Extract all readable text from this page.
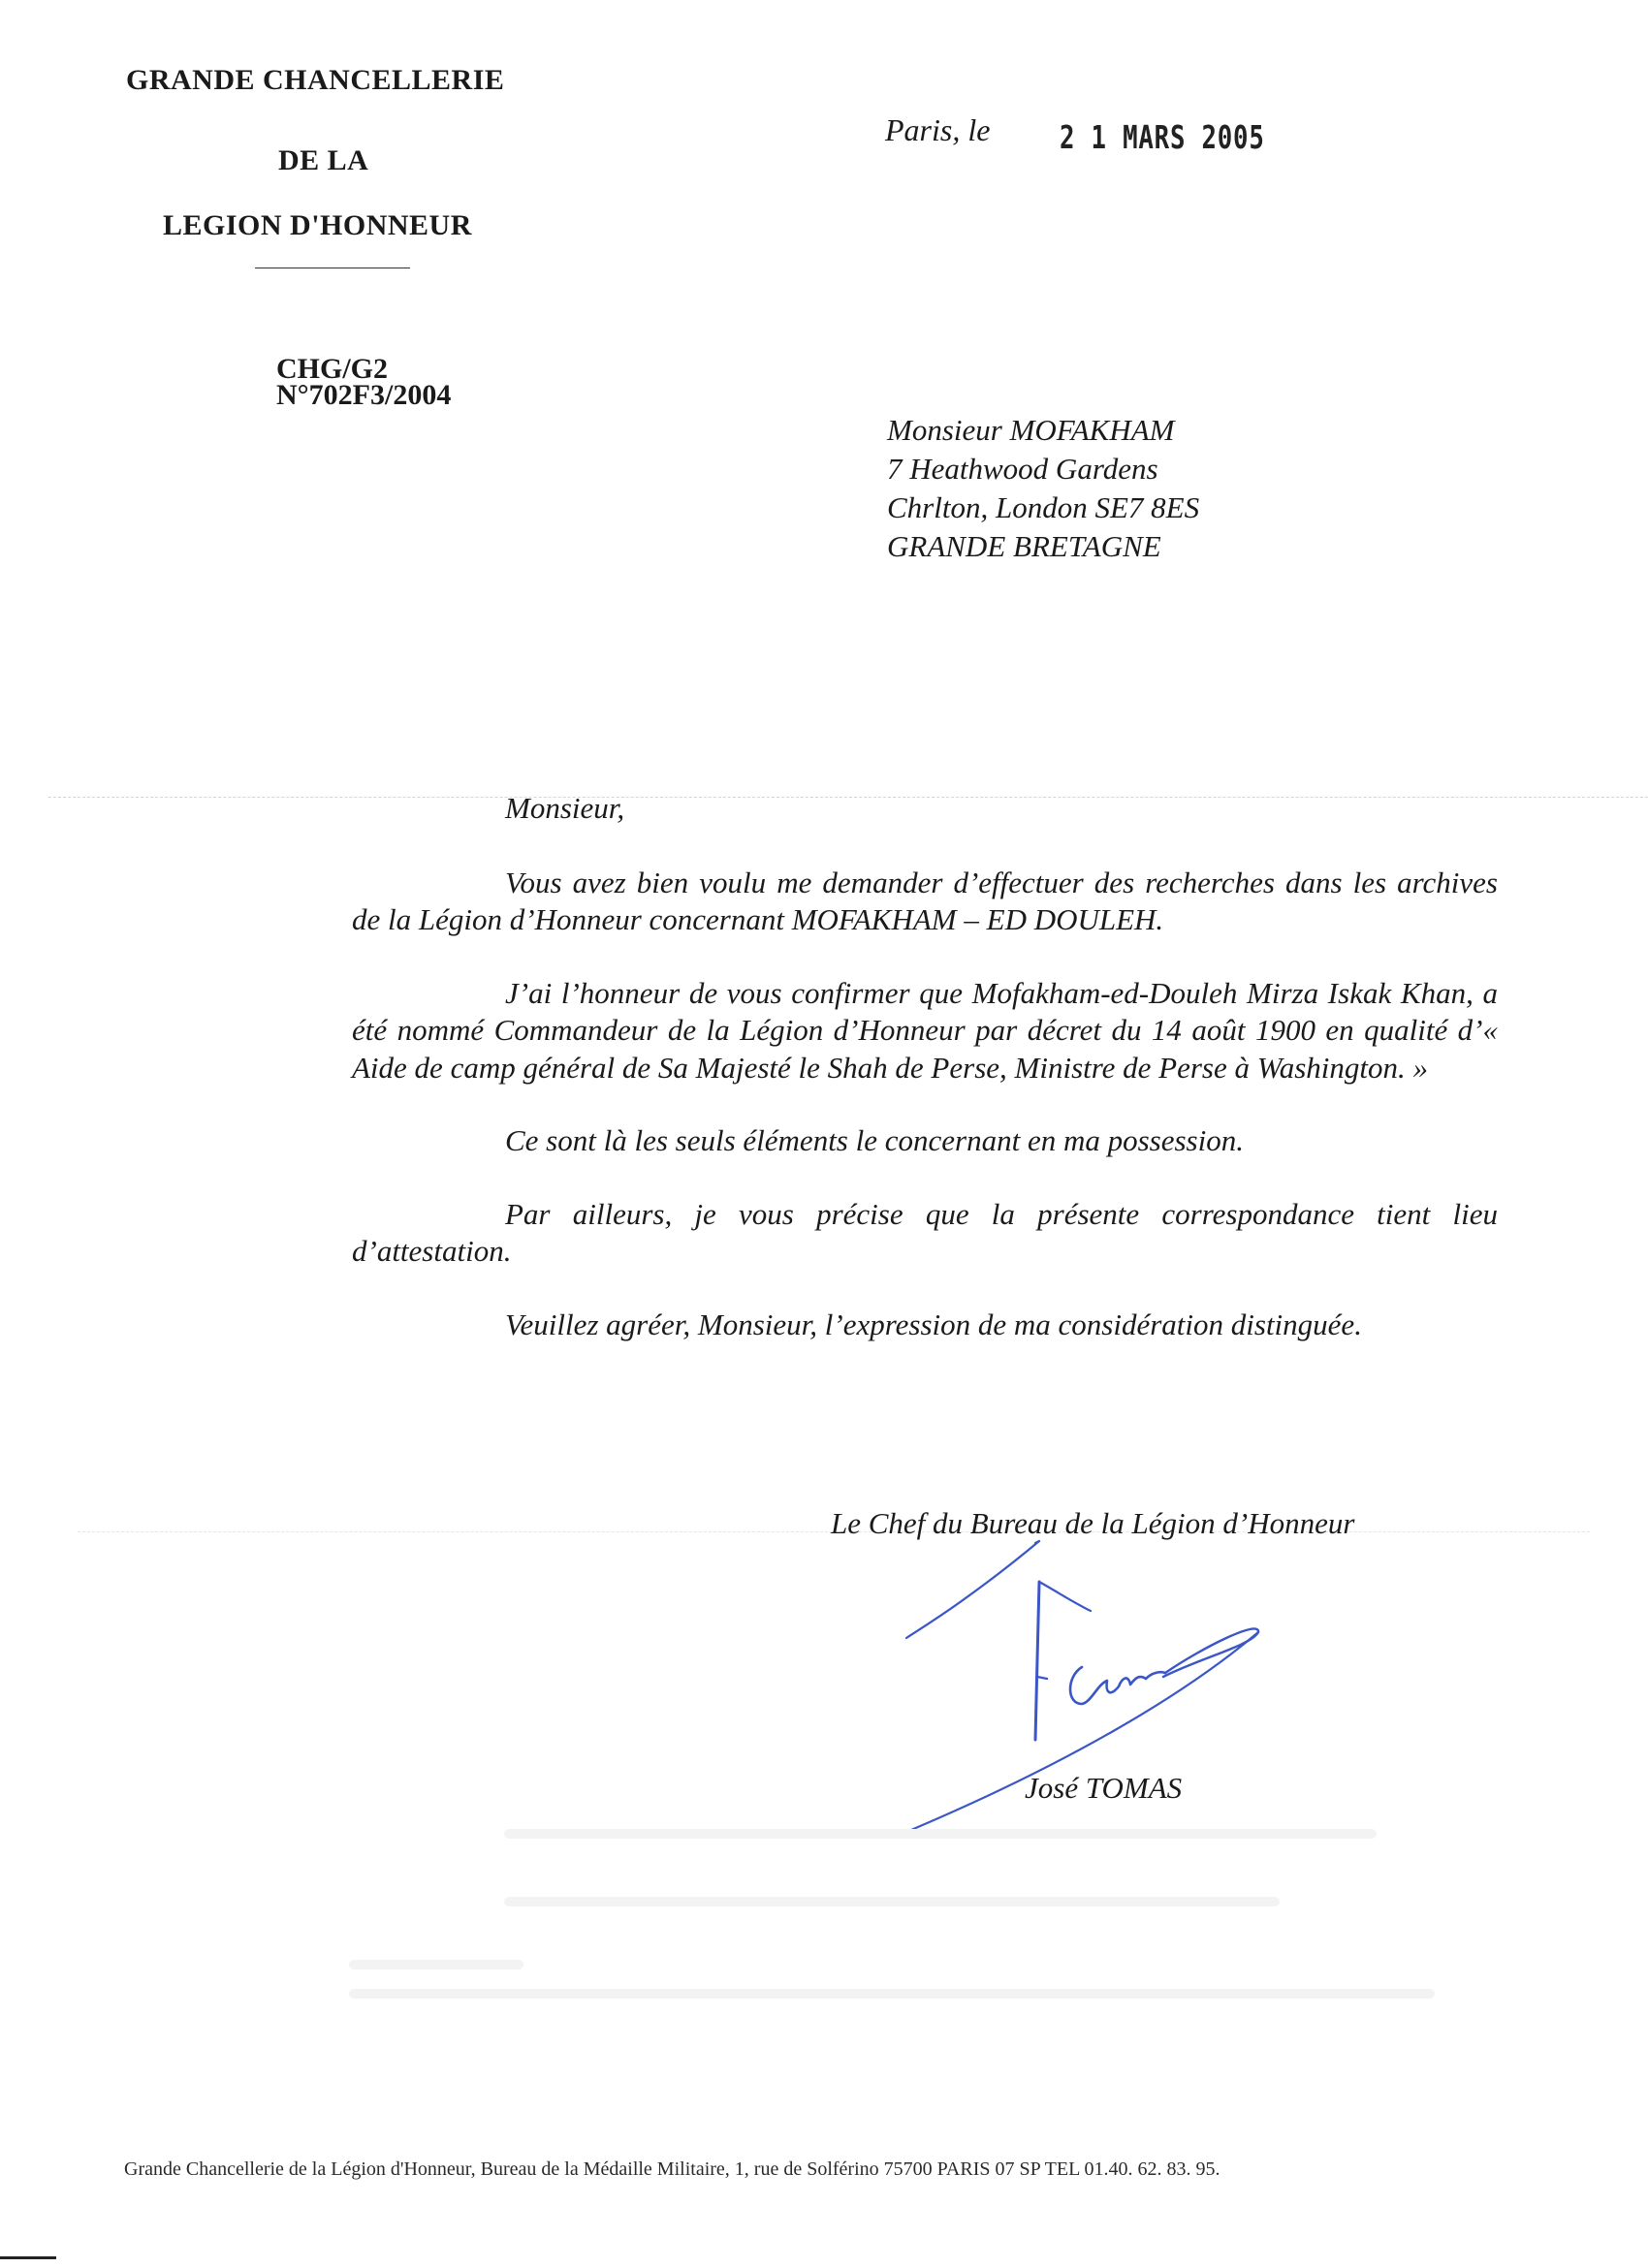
GRANDE CHANCELLERIE
DE LA
LEGION D'HONNEUR
CHG/G2
N°702F3/2004
Paris, le 2 1 MARS 2005
Monsieur MOFAKHAM
7 Heathwood Gardens
Chrlton, London SE7 8ES
GRANDE BRETAGNE

Monsieur,

Vous avez bien voulu me demander d’effectuer des recherches dans les archives de la Légion d’Honneur concernant MOFAKHAM – ED DOULEH.

J’ai l’honneur de vous confirmer que Mofakham-ed-Douleh Mirza Iskak Khan, a été nommé Commandeur de la Légion d’Honneur par décret du 14 août 1900 en qualité d’« Aide de camp général de Sa Majesté le Shah de Perse, Ministre de Perse à Washington. »

Ce sont là les seuls éléments le concernant en ma possession.

Par ailleurs, je vous précise que la présente correspondance tient lieu d’attestation.

Veuillez agréer, Monsieur, l’expression de ma considération distinguée.

Le Chef du Bureau de la Légion d’Honneur
José TOMAS
Grande Chancellerie de la Légion d'Honneur, Bureau de la Médaille Militaire, 1, rue de Solférino 75700 PARIS 07 SP TEL 01.40. 62. 83. 95.
